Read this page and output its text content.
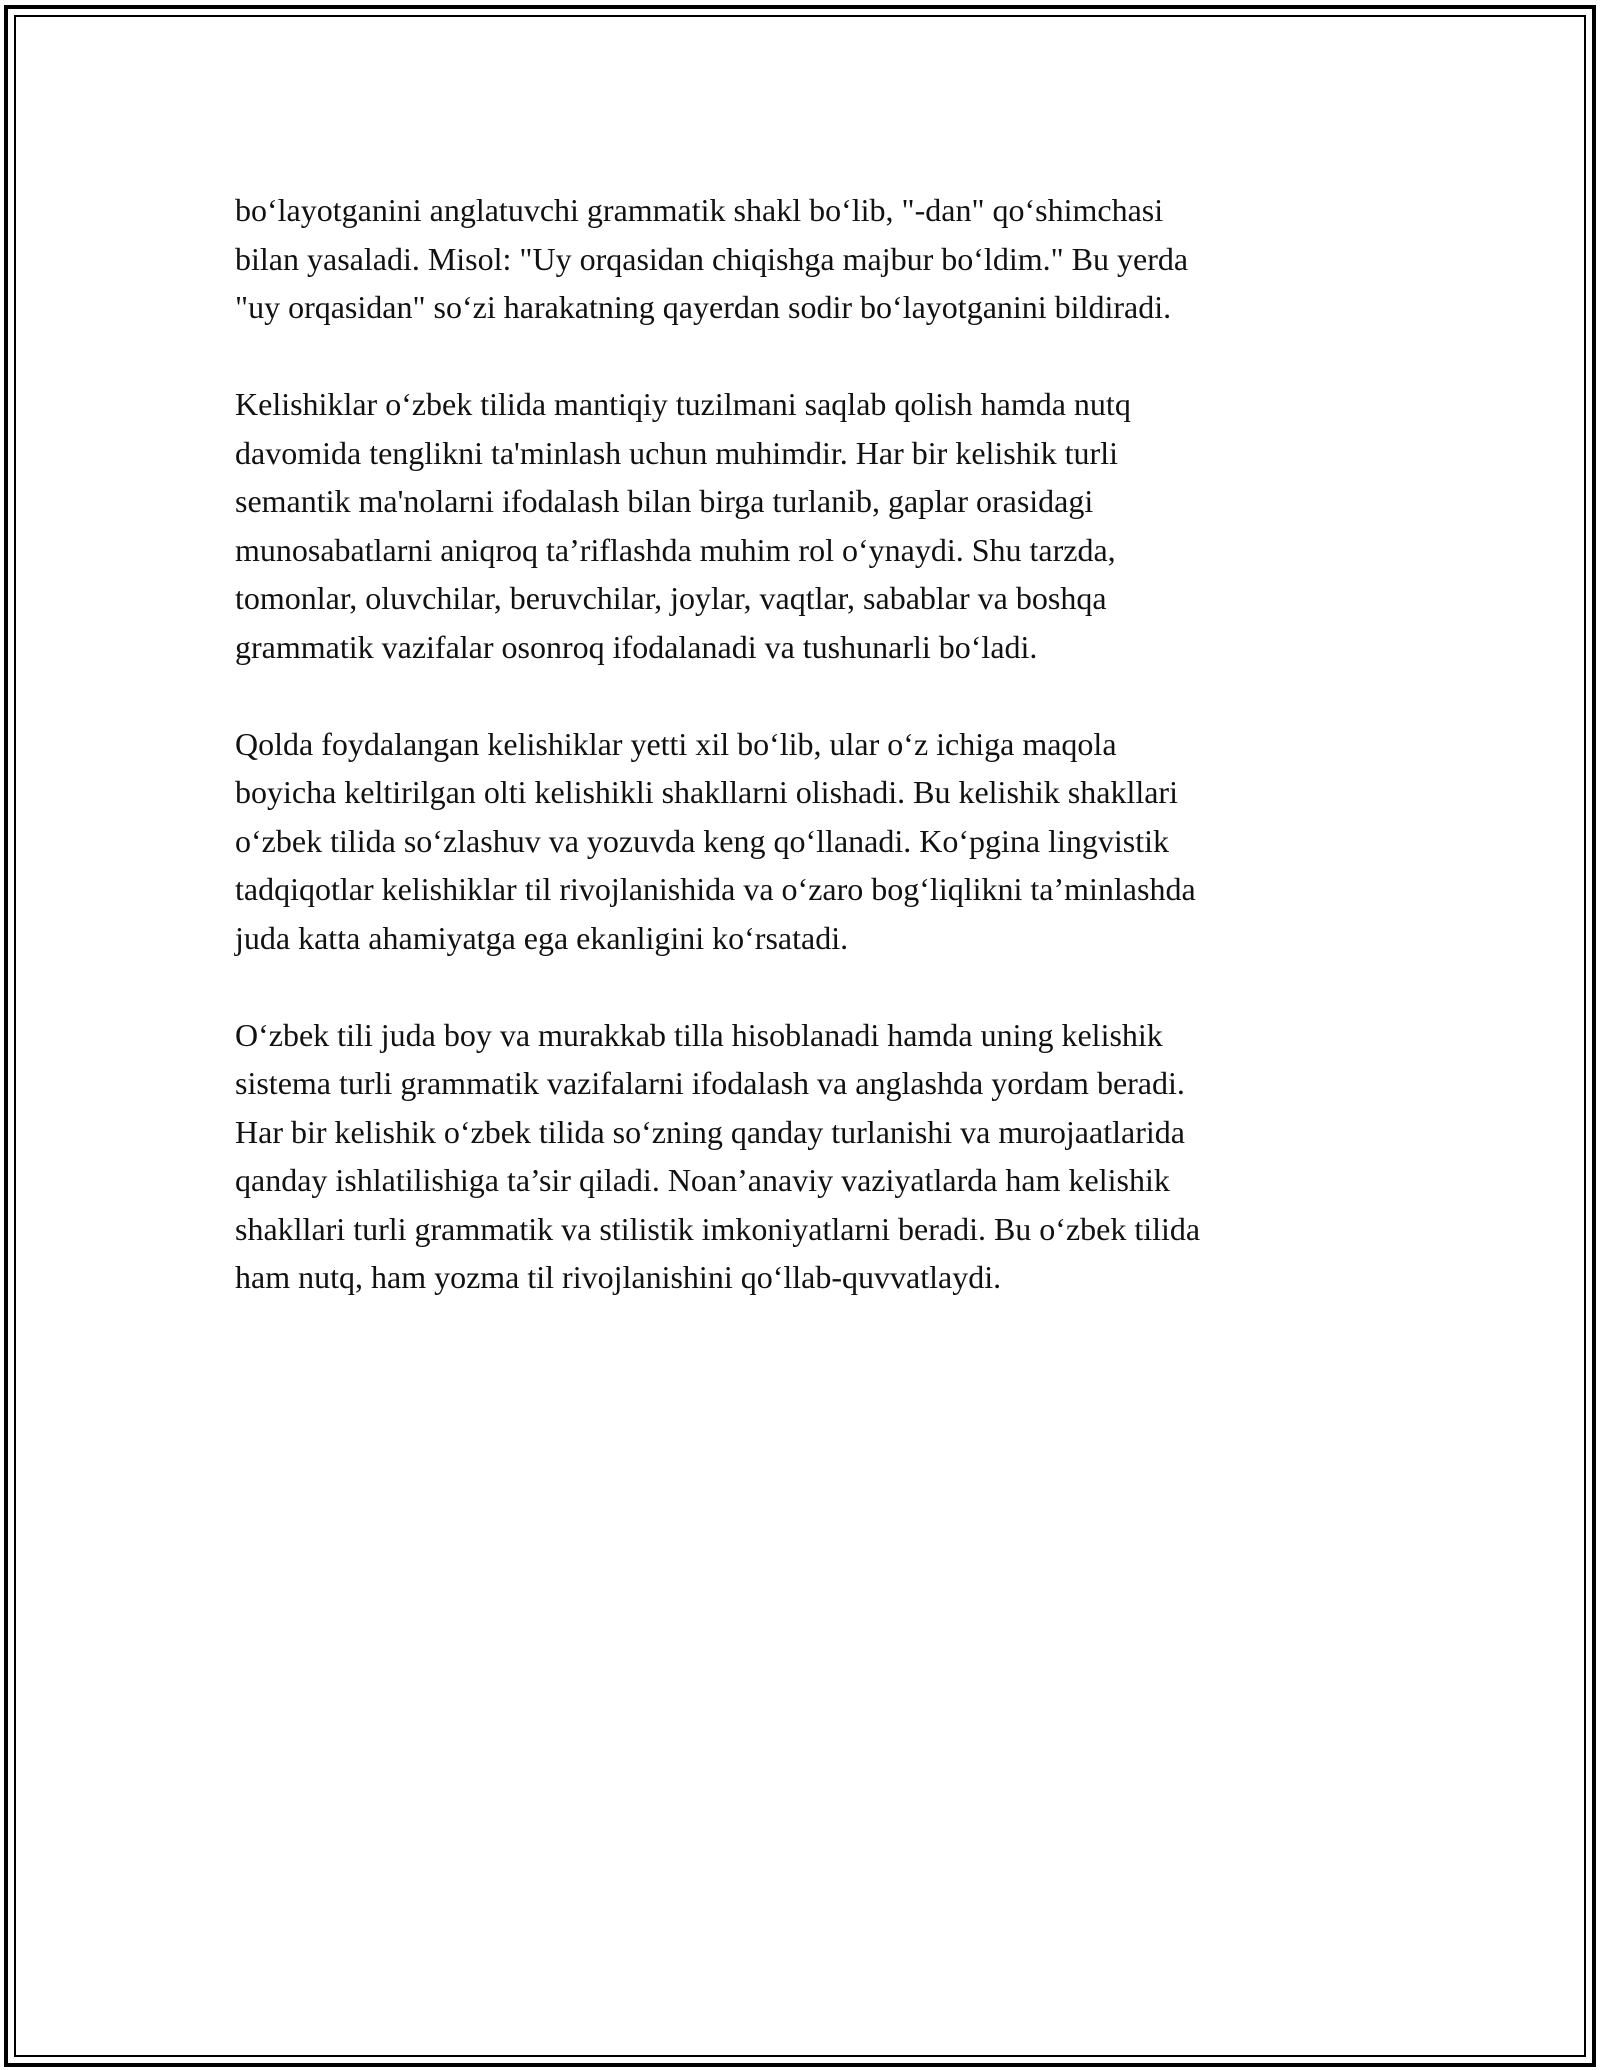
bo‘layotganini anglatuvchi grammatik shakl bo‘lib, "-dan" qo‘shimchasi
bilan yasaladi. Misol: "Uy orqasidan chiqishga majbur bo‘ldim." Bu yerda
"uy orqasidan" so‘zi harakatning qayerdan sodir bo‘layotganini bildiradi.
Kelishiklar o‘zbek tilida mantiqiy tuzilmani saqlab qolish hamda nutq
davomida tenglikni ta'minlash uchun muhimdir. Har bir kelishik turli
semantik ma'nolarni ifodalash bilan birga turlanib, gaplar orasidagi
munosabatlarni aniqroq ta’riflashda muhim rol o‘ynaydi. Shu tarzda,
tomonlar, oluvchilar, beruvchilar, joylar, vaqtlar, sabablar va boshqa
grammatik vazifalar osonroq ifodalanadi va tushunarli bo‘ladi.
Qolda foydalangan kelishiklar yetti xil bo‘lib, ular o‘z ichiga maqola
boyicha keltirilgan olti kelishikli shakllarni olishadi. Bu kelishik shakllari
o‘zbek tilida so‘zlashuv va yozuvda keng qo‘llanadi. Ko‘pgina lingvistik
tadqiqotlar kelishiklar til rivojlanishida va o‘zaro bog‘liqlikni ta’minlashda
juda katta ahamiyatga ega ekanligini ko‘rsatadi.
O‘zbek tili juda boy va murakkab tilla hisoblanadi hamda uning kelishik
sistema turli grammatik vazifalarni ifodalash va anglashda yordam beradi.
Har bir kelishik o‘zbek tilida so‘zning qanday turlanishi va murojaatlarida
qanday ishlatilishiga ta’sir qiladi. Noan’anaviy vaziyatlarda ham kelishik
shakllari turli grammatik va stilistik imkoniyatlarni beradi. Bu o‘zbek tilida
ham nutq, ham yozma til rivojlanishini qo‘llab-quvvatlaydi.
